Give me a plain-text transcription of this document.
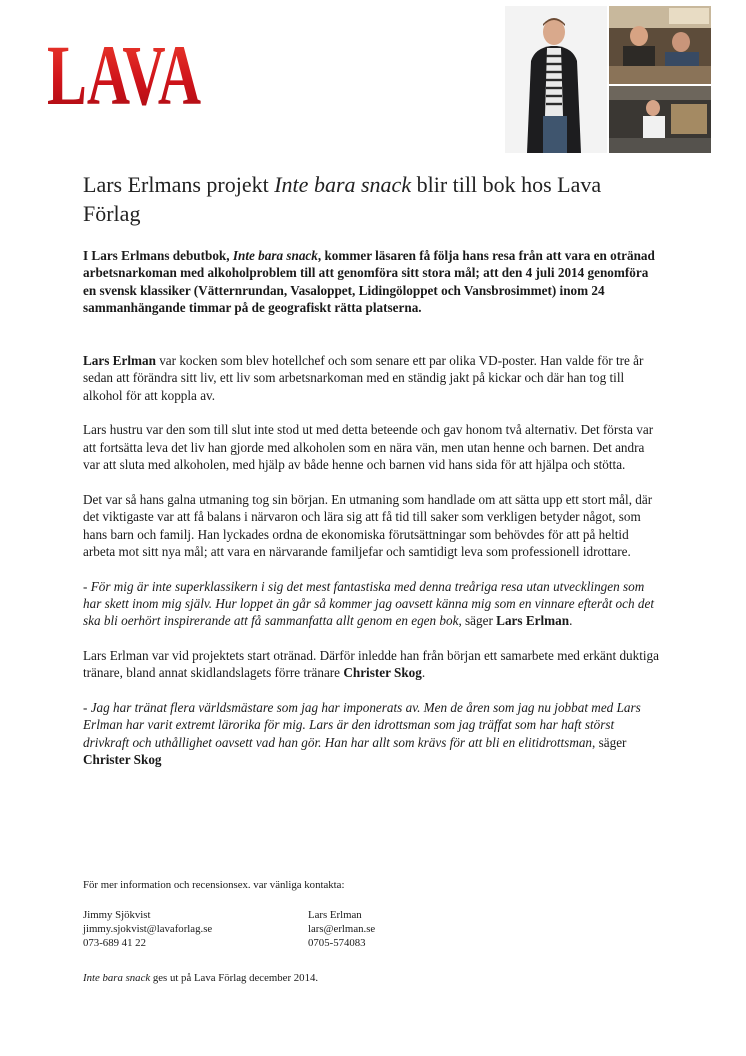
LAVA
Lars Erlmans projekt Inte bara snack blir till bok hos Lava Förlag

I Lars Erlmans debutbok, Inte bara snack, kommer läsaren få följa hans resa från att vara en otränad arbetsnarkoman med alkoholproblem till att genomföra sitt stora mål; att den 4 juli 2014 genomföra en svensk klassiker (Vätternrundan, Vasaloppet, Lidingöloppet och Vansbrosimmet) inom 24 sammanhängande timmar på de geografiskt rätta platserna.

Lars Erlman var kocken som blev hotellchef och som senare ett par olika VD-poster. Han valde för tre år sedan att förändra sitt liv, ett liv som arbetsnarkoman med en ständig jakt på kickar och där han tog till alkohol för att koppla av.

Lars hustru var den som till slut inte stod ut med detta beteende och gav honom två alternativ. Det första var att fortsätta leva det liv han gjorde med alkoholen som en nära vän, men utan henne och barnen. Det andra var att sluta med alkoholen, med hjälp av både henne och barnen vid hans sida för att hjälpa och stötta.

Det var så hans galna utmaning tog sin början. En utmaning som handlade om att sätta upp ett stort mål, där det viktigaste var att få balans i närvaron och lära sig att få tid till saker som verkligen betyder något, som hans barn och familj. Han lyckades ordna de ekonomiska förutsättningar som behövdes för att på heltid arbeta mot sitt nya mål; att vara en närvarande familjefar och samtidigt leva som professionell idrottare.

- För mig är inte superklassikern i sig det mest fantastiska med denna treåriga resa utan utvecklingen som har skett inom mig själv. Hur loppet än går så kommer jag oavsett känna mig som en vinnare efteråt och det ska bli oerhört inspirerande att få sammanfatta allt genom en egen bok, säger Lars Erlman.

Lars Erlman var vid projektets start otränad. Därför inledde han från början ett samarbete med erkänt duktiga tränare, bland annat skidlandslagets förre tränare Christer Skog.

- Jag har tränat flera världsmästare som jag har imponerats av. Men de åren som jag nu jobbat med Lars Erlman har varit extremt lärorika för mig. Lars är den idrottsman som jag träffat som har haft störst drivkraft och uthållighet oavsett vad han gör. Han har allt som krävs för att bli en elitidrottsman, säger Christer Skog

För mer information och recensionsex. var vänliga kontakta:

Jimmy Sjökvist
jimmy.sjokvist@lavaforlag.se
073-689 41 22
Lars Erlman
lars@erlman.se
0705-574083

Inte bara snack ges ut på Lava Förlag december 2014.
